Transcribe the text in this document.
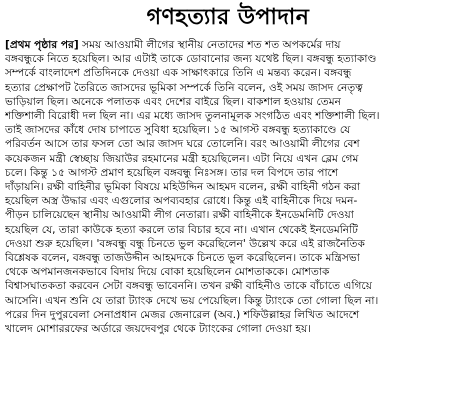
গণহত্যার উপাদান
[প্রথম পৃষ্ঠার পর] সময় আওয়ামী লীগের স্থানীয় নেতাদের শত শত অপকর্মের দায়
বঙ্গবন্ধুকে নিতে হয়েছিল। আর এটাই তাকে ডোবানোর জন্য যথেষ্ট ছিল। বঙ্গবন্ধু হত্যাকাণ্ড
সম্পর্কে বাংলাদেশ প্রতিদিনকে দেওয়া এক সাক্ষাৎকারে তিনি এ মন্তব্য করেন। বঙ্গবন্ধু
হত্যার প্রেক্ষাপট তৈরিতে জাসদের ভূমিকা সম্পর্কে তিনি বলেন, ওই সময় জাসদ নেতৃত্ব
ভাড়িয়াল ছিল। অনেকে পলাতক এবং দেশের বাইরে ছিল। বাকশাল হওয়ায় তেমন
শক্তিশালী বিরোধী দল ছিল না। এর মধ্যে জাসদ তুলনামূলক সংগঠিত এবং শক্তিশালী ছিল।
তাই জাসদের কাঁধে দোষ চাপাতে সুবিধা হয়েছিল। ১৫ আগস্ট বঙ্গবন্ধু হত্যাকাণ্ডে যে
পরিবর্তন আসে তার ফসল তো আর জাসদ ঘরে তোলেনি। বরং আওয়ামী লীগের বেশ
কয়েকজন মন্ত্রী স্বেচ্ছায় জিয়াউর রহমানের মন্ত্রী হয়েছিলেন। এটা নিয়ে এখন ব্লেম গেম
চলে। কিন্তু ১৫ আগস্ট প্রমাণ হয়েছিল বঙ্গবন্ধু নিঃসঙ্গ। তার দল বিপদে তার পাশে
দাঁড়ায়নি। রক্ষী বাহিনীর ভূমিকা বিষয়ে মহিউদ্দিন আহমদ বলেন, রক্ষী বাহিনী গঠন করা
হয়েছিল অস্ত্র উদ্ধার এবং এগুলোর অপব্যবহার রোধে। কিন্তু এই বাহিনীকে দিয়ে দমন-
পীড়ন চালিয়েছেন স্থানীয় আওয়ামী লীগ নেতারা। রক্ষী বাহিনীকে ইনডেমনিটি দেওয়া
হয়েছিল যে, তারা কাউকে হত্যা করলে তার বিচার হবে না। এখান থেকেই ইনডেমনিটি
দেওয়া শুরু হয়েছিল। 'বঙ্গবন্ধু বন্ধু চিনতে ভুল করেছিলেন' উল্লেখ করে এই রাজনৈতিক
বিশ্লেষক বলেন, বঙ্গবন্ধু তাজউদ্দীন আহমদকে চিনতে ভুল করেছিলেন। তাকে মন্ত্রিসভা
থেকে অপমানজনকভাবে বিদায় দিয়ে বোকা হয়েছিলেন মোশতাককে। মোশতাক
বিশ্বাসঘাতকতা করবেন সেটা বঙ্গবন্ধু ভাবেননি। তখন রক্ষী বাহিনীও তাকে বাঁচাতে এগিয়ে
আসেনি। এখন শুনি যে তারা ট্যাংক দেখে ভয় পেয়েছিল। কিন্তু ট্যাংকে তো গোলা ছিল না।
পরের দিন দুপুরবেলা সেনাপ্রধান মেজর জেনারেল (অব.) শফিউল্লাহর লিখিত আদেশে
খালেদ মোশাররফের অর্ডারে জয়দেবপুর থেকে ট্যাংকের গোলা দেওয়া হয়।
